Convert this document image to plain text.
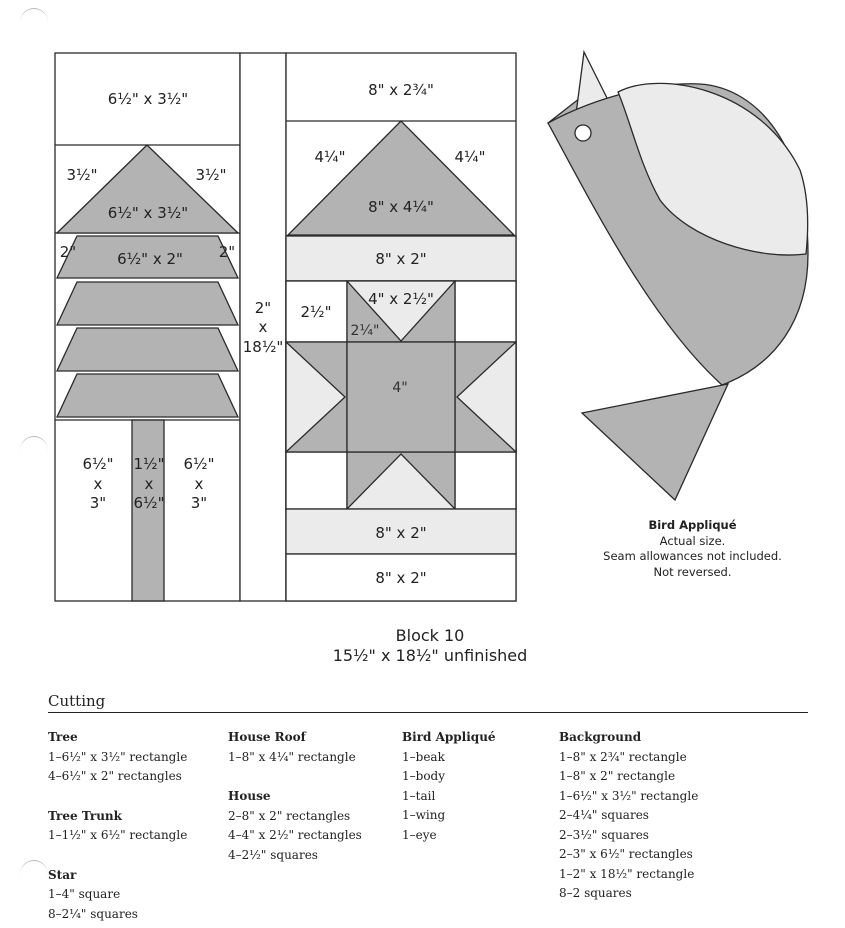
6½" x 3½"
3½"	3½"
6½" x 3½"
2"	2"
6½" x 2"
6½"
x
3"
1½"
x
6½"
6½"
x
3"
2"
x
18½"
8" x 2¾"
4¼"	4¼"
8" x 4¼"
8" x 2"
2½"
4" x 2½"
2¼"
4"
8" x 2"
8" x 2"
Bird Appliqué
Actual size.
Seam allowances not included.
Not reversed.
Block 10
15½" x 18½" unfinished
Cutting
Tree
1–6½" x 3½" rectangle
4–6½" x 2" rectangles
Tree Trunk
1–1½" x 6½" rectangle
Star
1–4" square
8–2¼" squares
House Roof
1–8" x 4¼" rectangle
House
2–8" x 2" rectangles
4–4" x 2½" rectangles
4–2½" squares
Bird Appliqué
1–beak
1–body
1–tail
1–wing
1–eye
Background
1–8" x 2¾" rectangle
1–8" x 2" rectangle
1–6½" x 3½" rectangle
2–4¼" squares
2–3½" squares
2–3" x 6½" rectangles
1–2" x 18½" rectangle
8–2 squares
